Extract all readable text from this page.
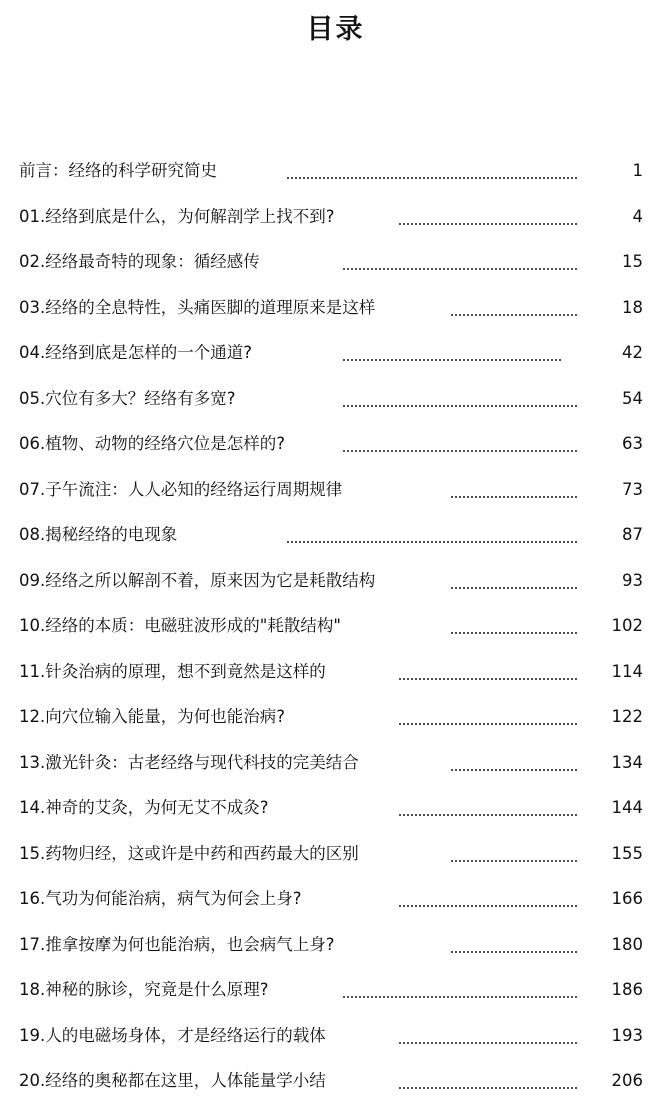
目录
前言：经络的科学研究简史	1
01.经络到底是什么，为何解剖学上找不到?	4
02.经络最奇特的现象：循经感传	15
03.经络的全息特性，头痛医脚的道理原来是这样	18
04.经络到底是怎样的一个通道?	42
05.穴位有多大？经络有多宽?	54
06.植物、动物的经络穴位是怎样的?	63
07.子午流注：人人必知的经络运行周期规律	73
08.揭秘经络的电现象	87
09.经络之所以解剖不着，原来因为它是耗散结构	93
10.经络的本质：电磁驻波形成的"耗散结构"	102
11.针灸治病的原理，想不到竟然是这样的	114
12.向穴位输入能量，为何也能治病?	122
13.激光针灸：古老经络与现代科技的完美结合	134
14.神奇的艾灸，为何无艾不成灸?	144
15.药物归经，这或许是中药和西药最大的区别	155
16.气功为何能治病，病气为何会上身?	166
17.推拿按摩为何也能治病，也会病气上身?	180
18.神秘的脉诊，究竟是什么原理?	186
19.人的电磁场身体，才是经络运行的载体	193
20.经络的奥秘都在这里，人体能量学小结	206
